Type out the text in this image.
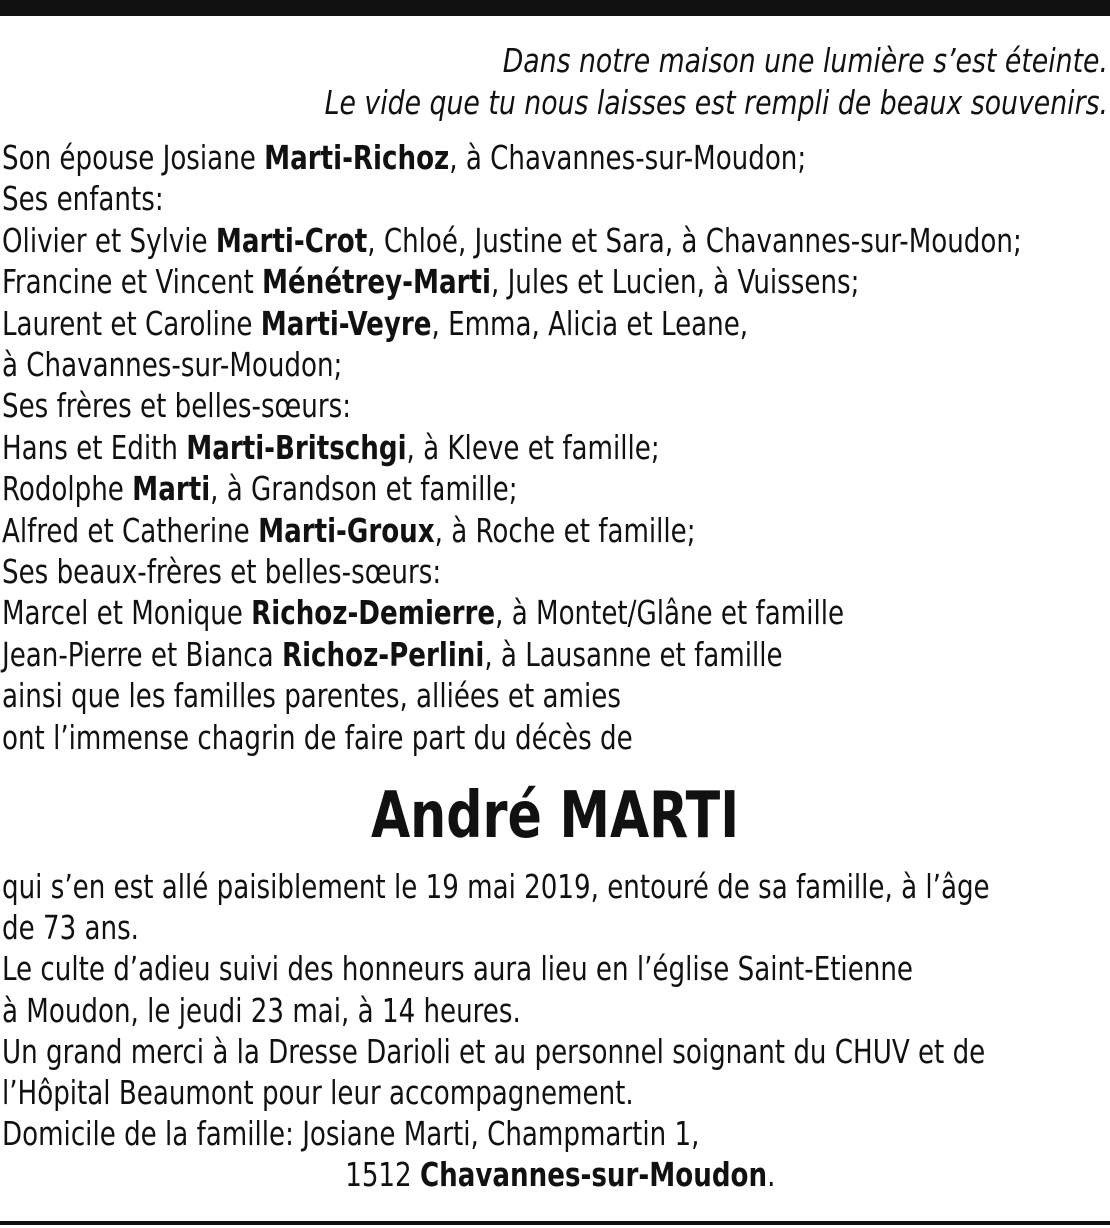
Dans notre maison une lumière s’est éteinte.
Le vide que tu nous laisses est rempli de beaux souvenirs.
Son épouse Josiane Marti-Richoz, à Chavannes-sur-Moudon;
Ses enfants:
Olivier et Sylvie Marti-Crot, Chloé, Justine et Sara, à Chavannes-sur-Moudon;
Francine et Vincent Ménétrey-Marti, Jules et Lucien, à Vuissens;
Laurent et Caroline Marti-Veyre, Emma, Alicia et Leane,
à Chavannes-sur-Moudon;
Ses frères et belles-sœurs:
Hans et Edith Marti-Britschgi, à Kleve et famille;
Rodolphe Marti, à Grandson et famille;
Alfred et Catherine Marti-Groux, à Roche et famille;
Ses beaux-frères et belles-sœurs:
Marcel et Monique Richoz-Demierre, à Montet/Glâne et famille
Jean-Pierre et Bianca Richoz-Perlini, à Lausanne et famille
ainsi que les familles parentes, alliées et amies
ont l’immense chagrin de faire part du décès de
André MARTI
qui s’en est allé paisiblement le 19 mai 2019, entouré de sa famille, à l’âge
de 73 ans.
Le culte d’adieu suivi des honneurs aura lieu en l’église Saint-Etienne
à Moudon, le jeudi 23 mai, à 14 heures.
Un grand merci à la Dresse Darioli et au personnel soignant du CHUV et de
l’Hôpital Beaumont pour leur accompagnement.
Domicile de la famille: Josiane Marti, Champmartin 1,
1512 Chavannes-sur-Moudon.
